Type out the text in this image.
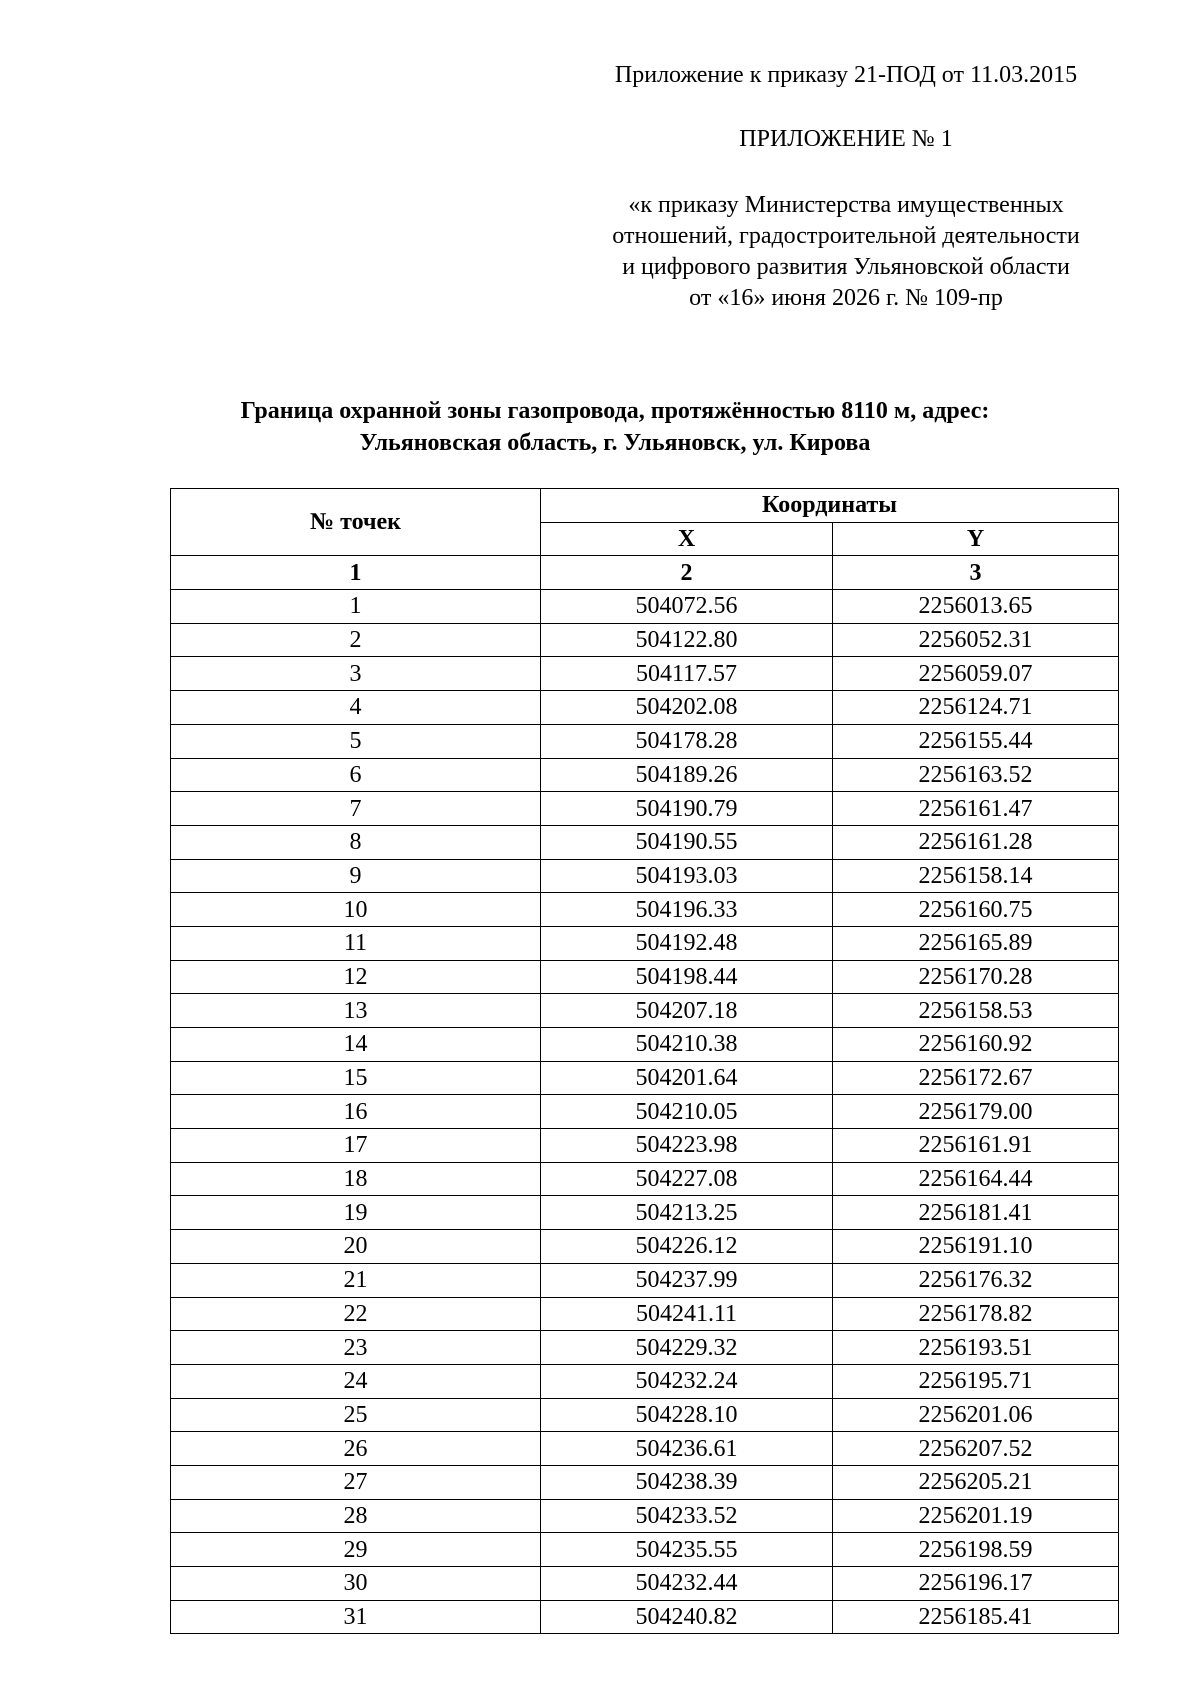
Приложение к приказу 21-ПОД от 11.03.2015
ПРИЛОЖЕНИЕ № 1
«к приказу Министерства имущественных
отношений, градостроительной деятельности
и цифрового развития Ульяновской области
от «16» июня 2026 г. № 109-пр
Граница охранной зоны газопровода, протяжённостью 8110 м, адрес:
Ульяновская область, г. Ульяновск, ул. Кирова
№ точек	Координаты	
	X	Y
1	2	3
1	504072.56	2256013.65
2	504122.80	2256052.31
3	504117.57	2256059.07
4	504202.08	2256124.71
5	504178.28	2256155.44
6	504189.26	2256163.52
7	504190.79	2256161.47
8	504190.55	2256161.28
9	504193.03	2256158.14
10	504196.33	2256160.75
11	504192.48	2256165.89
12	504198.44	2256170.28
13	504207.18	2256158.53
14	504210.38	2256160.92
15	504201.64	2256172.67
16	504210.05	2256179.00
17	504223.98	2256161.91
18	504227.08	2256164.44
19	504213.25	2256181.41
20	504226.12	2256191.10
21	504237.99	2256176.32
22	504241.11	2256178.82
23	504229.32	2256193.51
24	504232.24	2256195.71
25	504228.10	2256201.06
26	504236.61	2256207.52
27	504238.39	2256205.21
28	504233.52	2256201.19
29	504235.55	2256198.59
30	504232.44	2256196.17
31	504240.82	2256185.41
